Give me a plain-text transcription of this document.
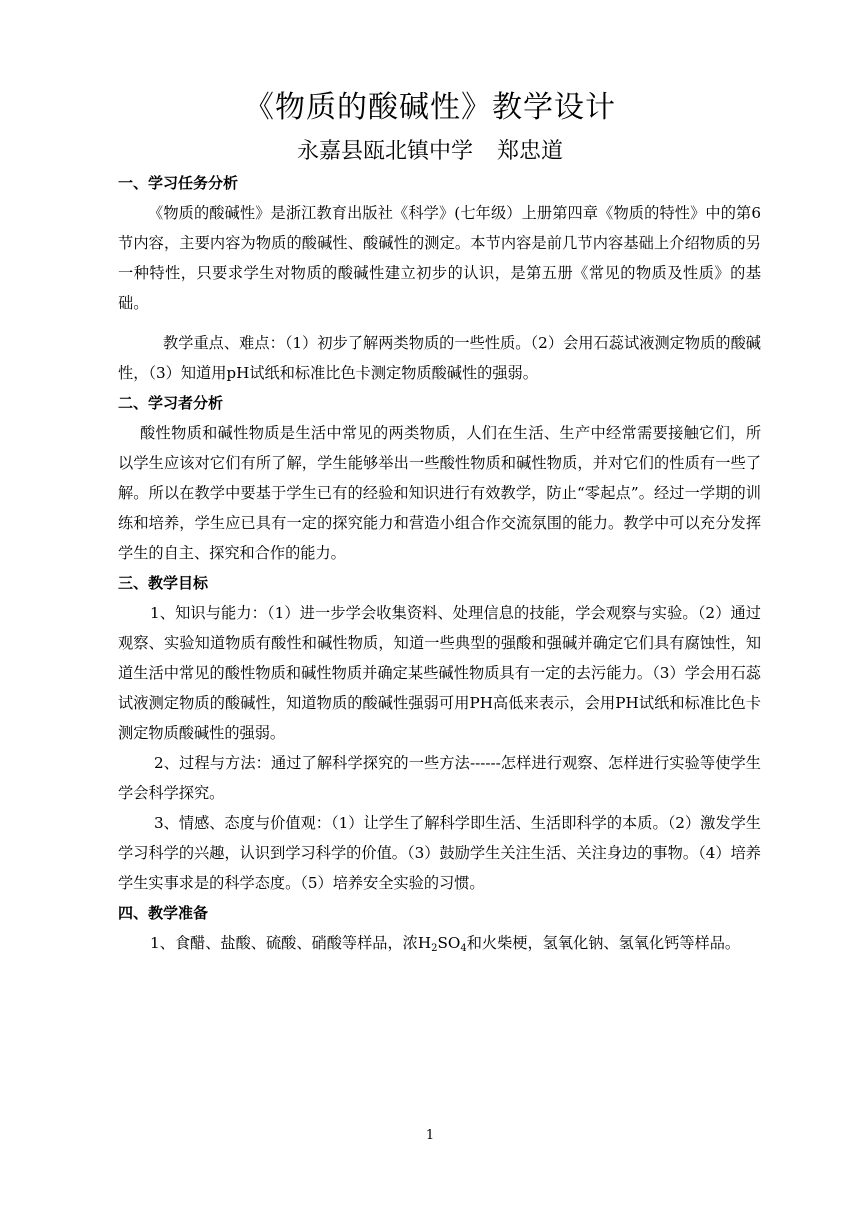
《物质的酸碱性》教学设计
永嘉县瓯北镇中学 郑忠道

一、学习任务分析

《物质的酸碱性》是浙江教育出版社《科学》(七年级）上册第四章《物质的特性》中的第6节内容，主要内容为物质的酸碱性、酸碱性的测定。本节内容是前几节内容基础上介绍物质的另一种特性，只要求学生对物质的酸碱性建立初步的认识，是第五册《常见的物质及性质》的基础。

教学重点、难点：（1）初步了解两类物质的一些性质。（2）会用石蕊试液测定物质的酸碱性，（3）知道用pH试纸和标准比色卡测定物质酸碱性的强弱。

二、学习者分析

酸性物质和碱性物质是生活中常见的两类物质，人们在生活、生产中经常需要接触它们，所以学生应该对它们有所了解，学生能够举出一些酸性物质和碱性物质，并对它们的性质有一些了解。所以在教学中要基于学生已有的经验和知识进行有效教学，防止“零起点”。经过一学期的训练和培养，学生应已具有一定的探究能力和营造小组合作交流氛围的能力。教学中可以充分发挥学生的自主、探究和合作的能力。

三、教学目标

1、知识与能力：（1）进一步学会收集资料、处理信息的技能，学会观察与实验。（2）通过观察、实验知道物质有酸性和碱性物质，知道一些典型的强酸和强碱并确定它们具有腐蚀性，知道生活中常见的酸性物质和碱性物质并确定某些碱性物质具有一定的去污能力。（3）学会用石蕊试液测定物质的酸碱性，知道物质的酸碱性强弱可用PH高低来表示，会用PH试纸和标准比色卡测定物质酸碱性的强弱。

2、过程与方法：通过了解科学探究的一些方法------怎样进行观察、怎样进行实验等使学生学会科学探究。

3、情感、态度与价值观：（1）让学生了解科学即生活、生活即科学的本质。（2）激发学生学习科学的兴趣，认识到学习科学的价值。（3）鼓励学生关注生活、关注身边的事物。（4）培养学生实事求是的科学态度。（5）培养安全实验的习惯。

四、教学准备

1、食醋、盐酸、硫酸、硝酸等样品，浓$H_2SO_4$和火柴梗，氢氧化钠、氢氧化钙等样品。

1
